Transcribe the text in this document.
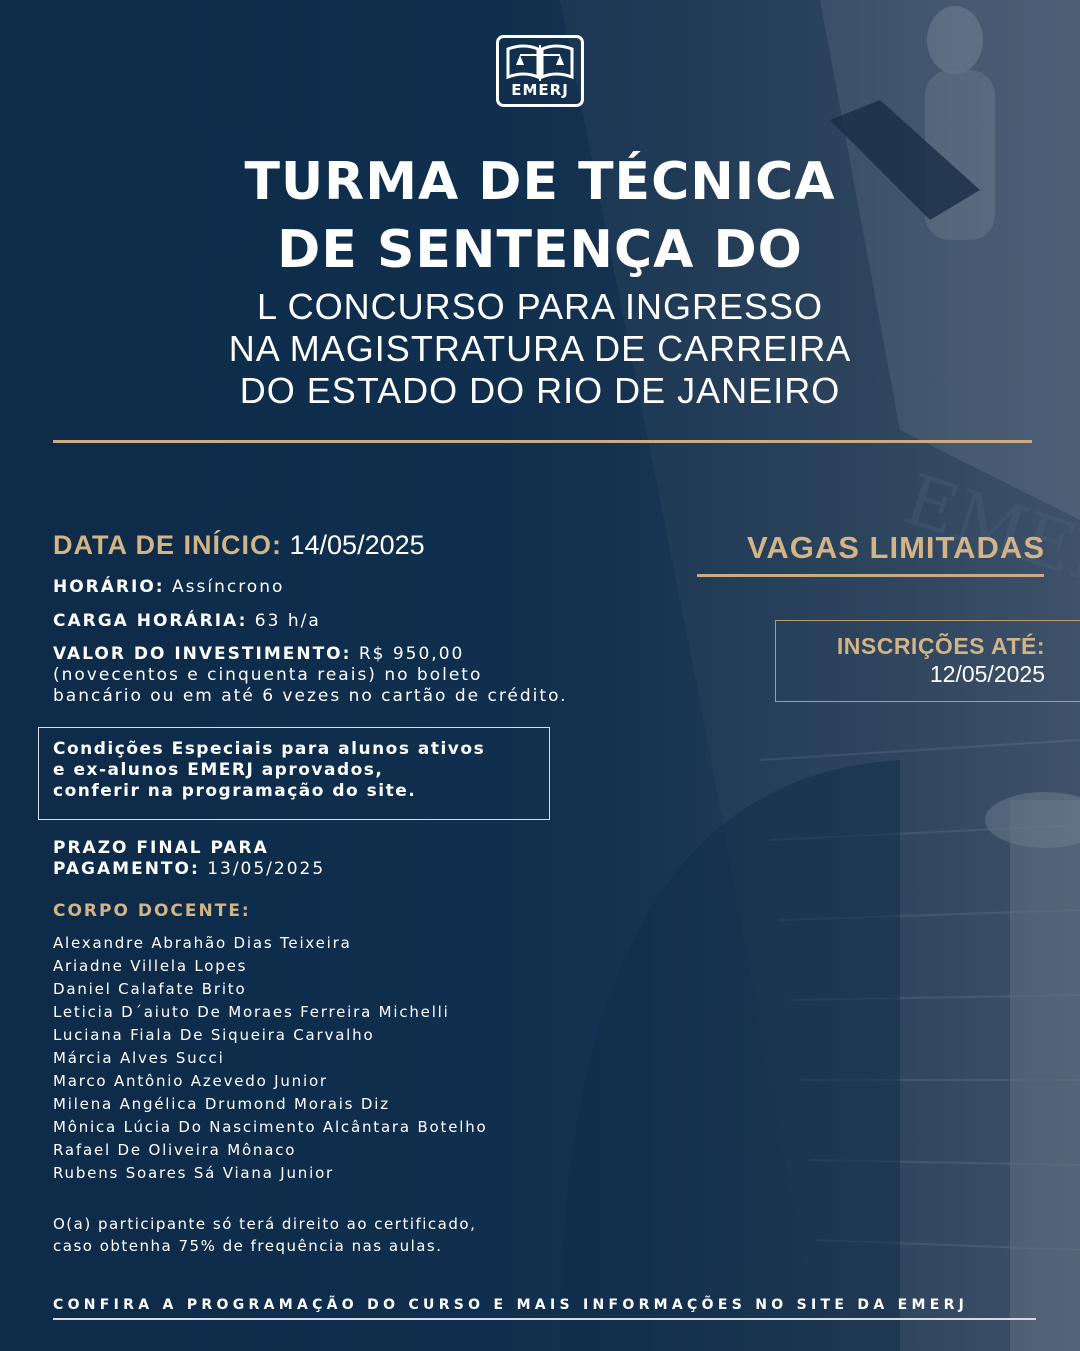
EMERJ
TURMA DE TÉCNICA
DE SENTENÇA DO
L CONCURSO PARA INGRESSO
NA MAGISTRATURA DE CARREIRA
DO ESTADO DO RIO DE JANEIRO
DATA DE INÍCIO: 14/05/2025
HORÁRIO: Assíncrono
CARGA HORÁRIA: 63 h/a
VALOR DO INVESTIMENTO: R$ 950,00
(novecentos e cinquenta reais) no boleto
bancário ou em até 6 vezes no cartão de crédito.
Condições Especiais para alunos ativos
e ex-alunos EMERJ aprovados,
conferir na programação do site.
PRAZO FINAL PARA
PAGAMENTO: 13/05/2025
CORPO DOCENTE:
Alexandre Abrahão Dias Teixeira
Ariadne Villela Lopes
Daniel Calafate Brito
Leticia D´aiuto De Moraes Ferreira Michelli
Luciana Fiala De Siqueira Carvalho
Márcia Alves Succi
Marco Antônio Azevedo Junior
Milena Angélica Drumond Morais Diz
Mônica Lúcia Do Nascimento Alcântara Botelho
Rafael De Oliveira Mônaco
Rubens Soares Sá Viana Junior
O(a) participante só terá direito ao certificado,
caso obtenha 75% de frequência nas aulas.
VAGAS LIMITADAS
INSCRIÇÕES ATÉ:
12/05/2025
CONFIRA A PROGRAMAÇÃO DO CURSO E MAIS INFORMAÇÕES NO SITE DA EMERJ
